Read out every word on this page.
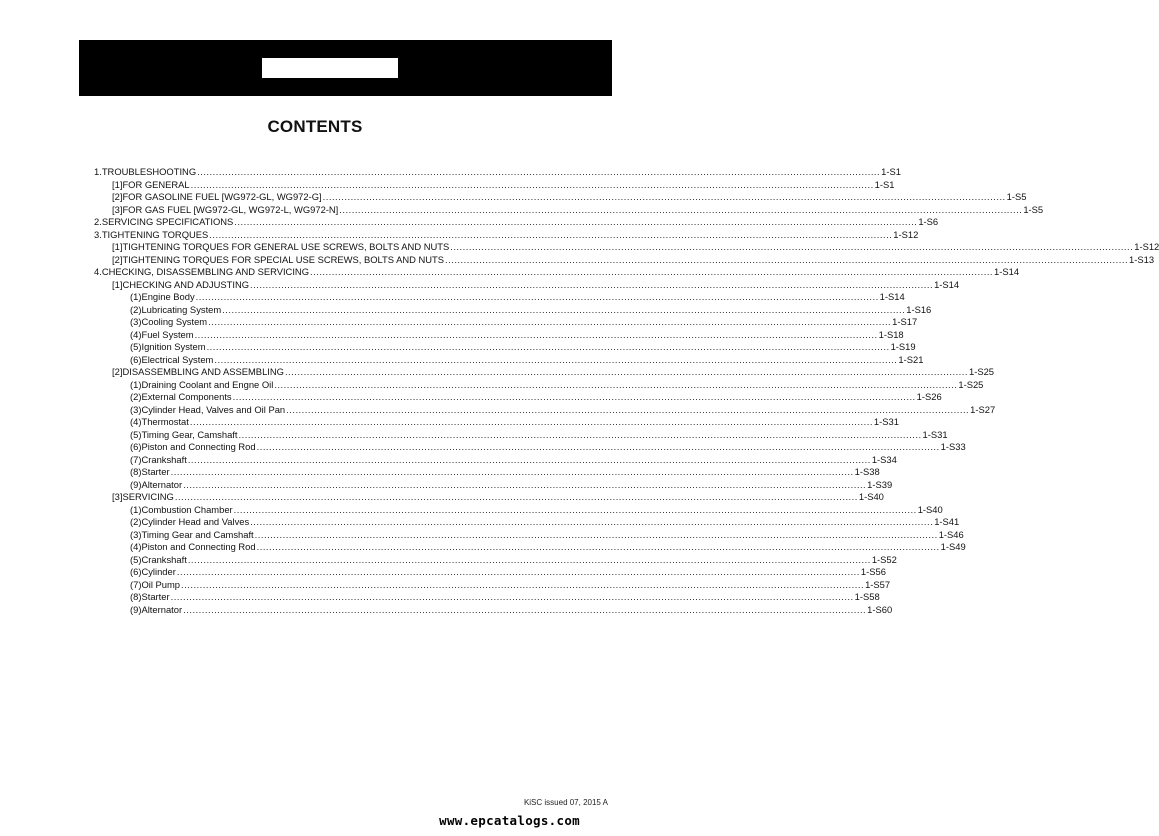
CONTENTS
1. TROUBLESHOOTING ............................................................................................................................................................................................................................ 1-S1
[1] FOR GENERAL ............................................................................................................................................................................................................................ 1-S1
[2] FOR GASOLINE FUEL [WG972-GL, WG972-G] ............................................................................................................................................................................................................................ 1-S5
[3] FOR GAS FUEL [WG972-GL, WG972-L, WG972-N] ............................................................................................................................................................................................................................ 1-S5
2. SERVICING SPECIFICATIONS ............................................................................................................................................................................................................................ 1-S6
3. TIGHTENING TORQUES ............................................................................................................................................................................................................................ 1-S12
[1] TIGHTENING TORQUES FOR GENERAL USE SCREWS, BOLTS AND NUTS ............................................................................................................................................................................................................................ 1-S12
[2] TIGHTENING TORQUES FOR SPECIAL USE SCREWS, BOLTS AND NUTS ............................................................................................................................................................................................................................ 1-S13
4. CHECKING, DISASSEMBLING AND SERVICING ............................................................................................................................................................................................................................ 1-S14
[1] CHECKING AND ADJUSTING ............................................................................................................................................................................................................................ 1-S14
(1) Engine Body ............................................................................................................................................................................................................................ 1-S14
(2) Lubricating System ............................................................................................................................................................................................................................ 1-S16
(3) Cooling System ............................................................................................................................................................................................................................ 1-S17
(4) Fuel System ............................................................................................................................................................................................................................ 1-S18
(5) Ignition System ............................................................................................................................................................................................................................ 1-S19
(6) Electrical System ............................................................................................................................................................................................................................ 1-S21
[2] DISASSEMBLING AND ASSEMBLING ............................................................................................................................................................................................................................ 1-S25
(1) Draining Coolant and Engne Oil ............................................................................................................................................................................................................................ 1-S25
(2) External Components ............................................................................................................................................................................................................................ 1-S26
(3) Cylinder Head, Valves and Oil Pan ............................................................................................................................................................................................................................ 1-S27
(4) Thermostat ............................................................................................................................................................................................................................ 1-S31
(5) Timing Gear, Camshaft ............................................................................................................................................................................................................................ 1-S31
(6) Piston and Connecting Rod ............................................................................................................................................................................................................................ 1-S33
(7) Crankshaft ............................................................................................................................................................................................................................ 1-S34
(8) Starter ............................................................................................................................................................................................................................ 1-S38
(9) Alternator ............................................................................................................................................................................................................................ 1-S39
[3] SERVICING ............................................................................................................................................................................................................................ 1-S40
(1) Combustion Chamber ............................................................................................................................................................................................................................ 1-S40
(2) Cylinder Head and Valves ............................................................................................................................................................................................................................ 1-S41
(3) Timing Gear and Camshaft ............................................................................................................................................................................................................................ 1-S46
(4) Piston and Connecting Rod ............................................................................................................................................................................................................................ 1-S49
(5) Crankshaft ............................................................................................................................................................................................................................ 1-S52
(6) Cylinder ............................................................................................................................................................................................................................ 1-S56
(7) Oil Pump ............................................................................................................................................................................................................................ 1-S57
(8) Starter ............................................................................................................................................................................................................................ 1-S58
(9) Alternator ............................................................................................................................................................................................................................ 1-S60
KiSC issued 07, 2015 A
www.epcatalogs.com
